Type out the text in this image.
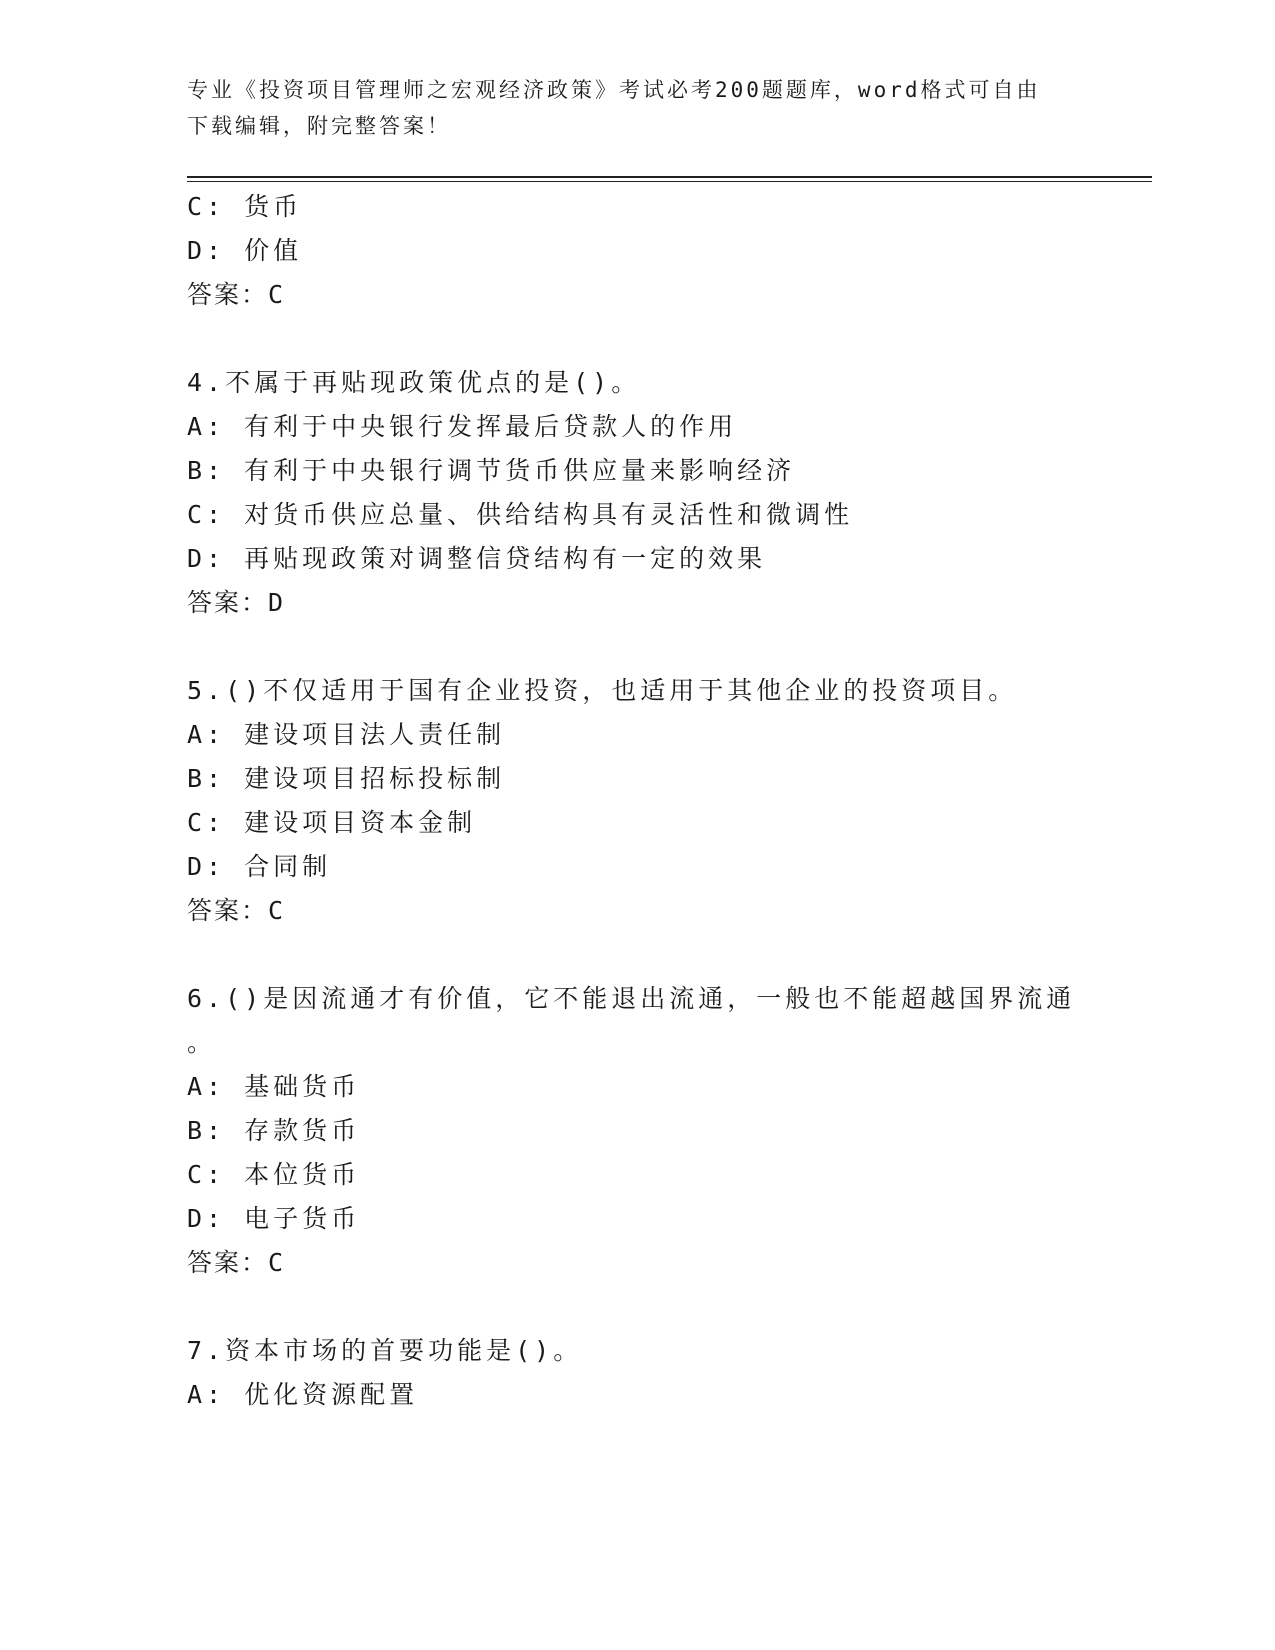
专业《投资项目管理师之宏观经济政策》考试必考200题题库，word格式可自由
下载编辑，附完整答案！
C: 货币
D: 价值
答案：C
4.不属于再贴现政策优点的是()。
A: 有利于中央银行发挥最后贷款人的作用
B: 有利于中央银行调节货币供应量来影响经济
C: 对货币供应总量、供给结构具有灵活性和微调性
D: 再贴现政策对调整信贷结构有一定的效果
答案：D
5.()不仅适用于国有企业投资，也适用于其他企业的投资项目。
A: 建设项目法人责任制
B: 建设项目招标投标制
C: 建设项目资本金制
D: 合同制
答案：C
6.()是因流通才有价值，它不能退出流通，一般也不能超越国界流通
。
A: 基础货币
B: 存款货币
C: 本位货币
D: 电子货币
答案：C
7.资本市场的首要功能是()。
A: 优化资源配置
